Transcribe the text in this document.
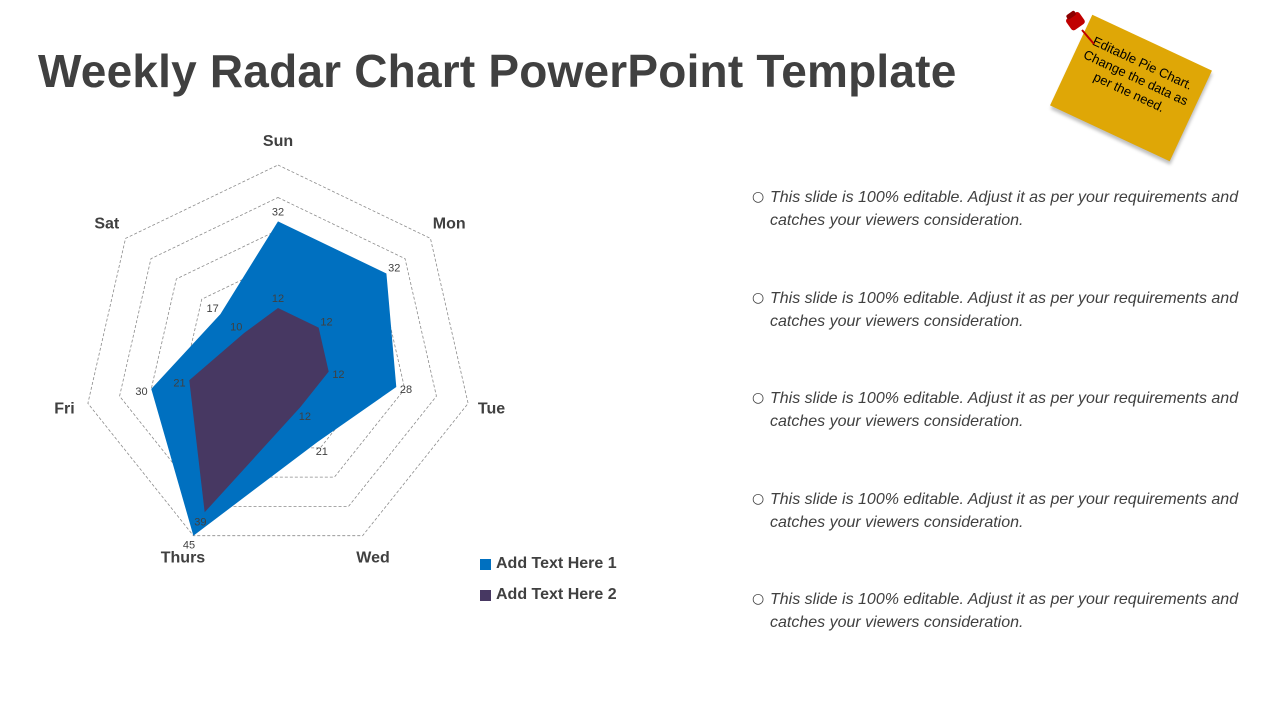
Weekly Radar Chart PowerPoint Template
Sun
Mon
Tue
Wed
Thurs
Fri
Sat
32
32
28
21
45
30
17
12
12
12
12
39
21
10
Add Text Here 1
Add Text Here 2
○ This slide is 100% editable. Adjust it as per your requirements and catches your viewers consideration.
○ This slide is 100% editable. Adjust it as per your requirements and catches your viewers consideration.
○ This slide is 100% editable. Adjust it as per your requirements and catches your viewers consideration.
○ This slide is 100% editable. Adjust it as per your requirements and catches your viewers consideration.
○ This slide is 100% editable. Adjust it as per your requirements and catches your viewers consideration.
Editable Pie Chart. Change the data as per the need.
